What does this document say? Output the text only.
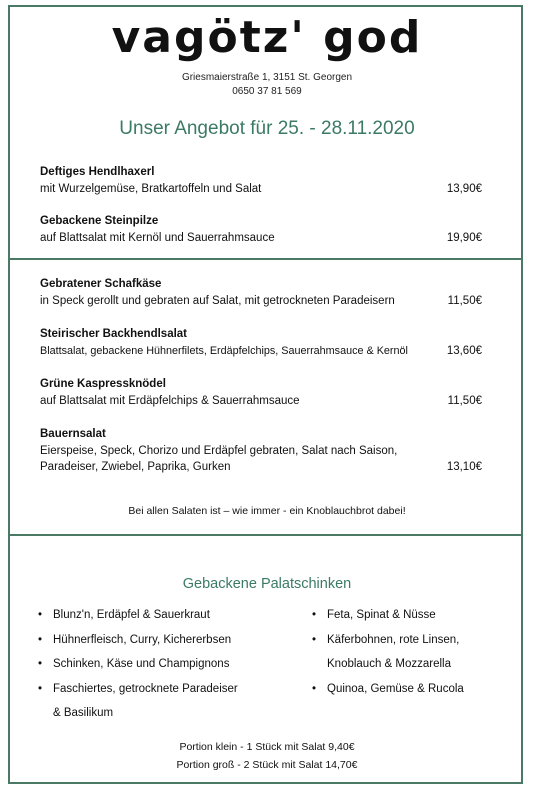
vagötz' god
Griesmaierstraße 1, 3151 St. Georgen
0650 37 81 569
Unser Angebot für 25. - 28.11.2020
Deftiges Hendlhaxerl
mit Wurzelgemüse, Bratkartoffeln und Salat	13,90€
Gebackene Steinpilze
auf Blattsalat mit Kernöl und Sauerrahmsauce	19,90€
Gebratener Schafkäse
in Speck gerollt und gebraten auf Salat, mit getrockneten Paradeisern	11,50€
Steirischer Backhendlsalat
Blattsalat, gebackene Hühnerfilets, Erdäpfelchips, Sauerrahmsauce & Kernöl	13,60€
Grüne Kaspressknödel
auf Blattsalat mit Erdäpfelchips & Sauerrahmsauce	11,50€
Bauernsalat
Eierspeise, Speck, Chorizo und Erdäpfel gebraten, Salat nach Saison, Paradeiser, Zwiebel, Paprika, Gurken	13,10€
Bei allen Salaten ist – wie immer - ein Knoblauchbrot dabei!
Gebackene Palatschinken
• Blunz'n, Erdäpfel & Sauerkraut
• Hühnerfleisch, Curry, Kichererbsen
• Schinken, Käse und Champignons
• Faschiertes, getrocknete Paradeiser
& Basilikum
• Feta, Spinat & Nüsse
• Käferbohnen, rote Linsen,
Knoblauch & Mozzarella
• Quinoa, Gemüse & Rucola
Portion klein - 1 Stück mit Salat 9,40€
Portion groß - 2 Stück mit Salat 14,70€
